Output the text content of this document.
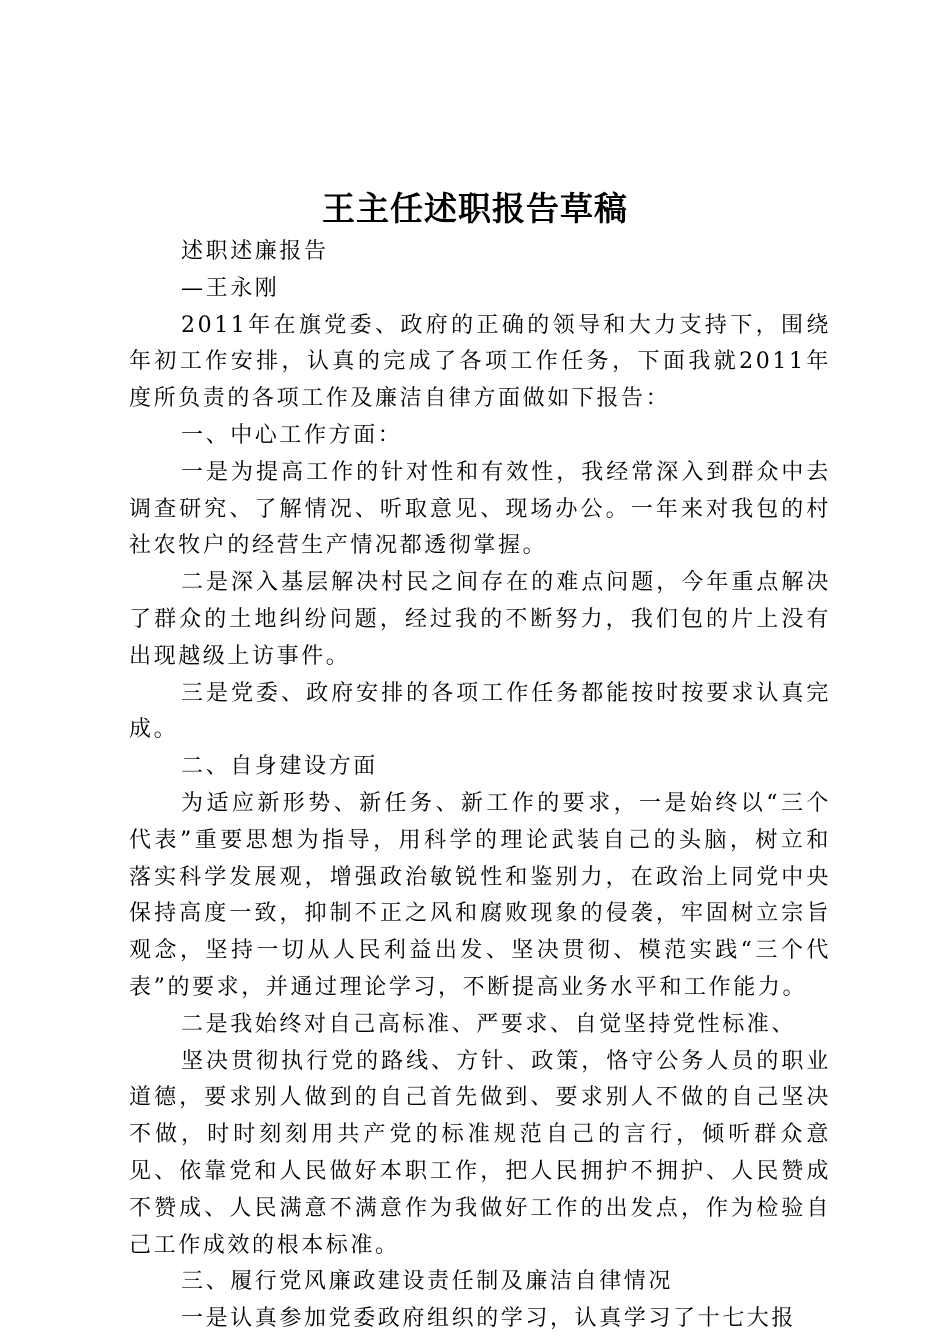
王主任述职报告草稿

述职述廉报告

—王永刚

2011年在旗党委、政府的正确的领导和大力支持下，围绕年初工作安排，认真的完成了各项工作任务，下面我就2011年度所负责的各项工作及廉洁自律方面做如下报告：

一、中心工作方面：

一是为提高工作的针对性和有效性，我经常深入到群众中去调查研究、了解情况、听取意见、现场办公。一年来对我包的村社农牧户的经营生产情况都透彻掌握。

二是深入基层解决村民之间存在的难点问题，今年重点解决了群众的土地纠纷问题，经过我的不断努力，我们包的片上没有出现越级上访事件。

三是党委、政府安排的各项工作任务都能按时按要求认真完成。

二、自身建设方面

为适应新形势、新任务、新工作的要求，一是始终以“三个代表”重要思想为指导，用科学的理论武装自己的头脑，树立和落实科学发展观，增强政治敏锐性和鉴别力，在政治上同党中央保持高度一致，抑制不正之风和腐败现象的侵袭，牢固树立宗旨观念，坚持一切从人民利益出发、坚决贯彻、模范实践“三个代表”的要求，并通过理论学习，不断提高业务水平和工作能力。

二是我始终对自己高标准、严要求、自觉坚持党性标准、

坚决贯彻执行党的路线、方针、政策，恪守公务人员的职业道德，要求别人做到的自己首先做到、要求别人不做的自己坚决不做，时时刻刻用共产党的标准规范自己的言行，倾听群众意见、依靠党和人民做好本职工作，把人民拥护不拥护、人民赞成不赞成、人民满意不满意作为我做好工作的出发点，作为检验自己工作成效的根本标准。

三、履行党风廉政建设责任制及廉洁自律情况

一是认真参加党委政府组织的学习，认真学习了十七大报
